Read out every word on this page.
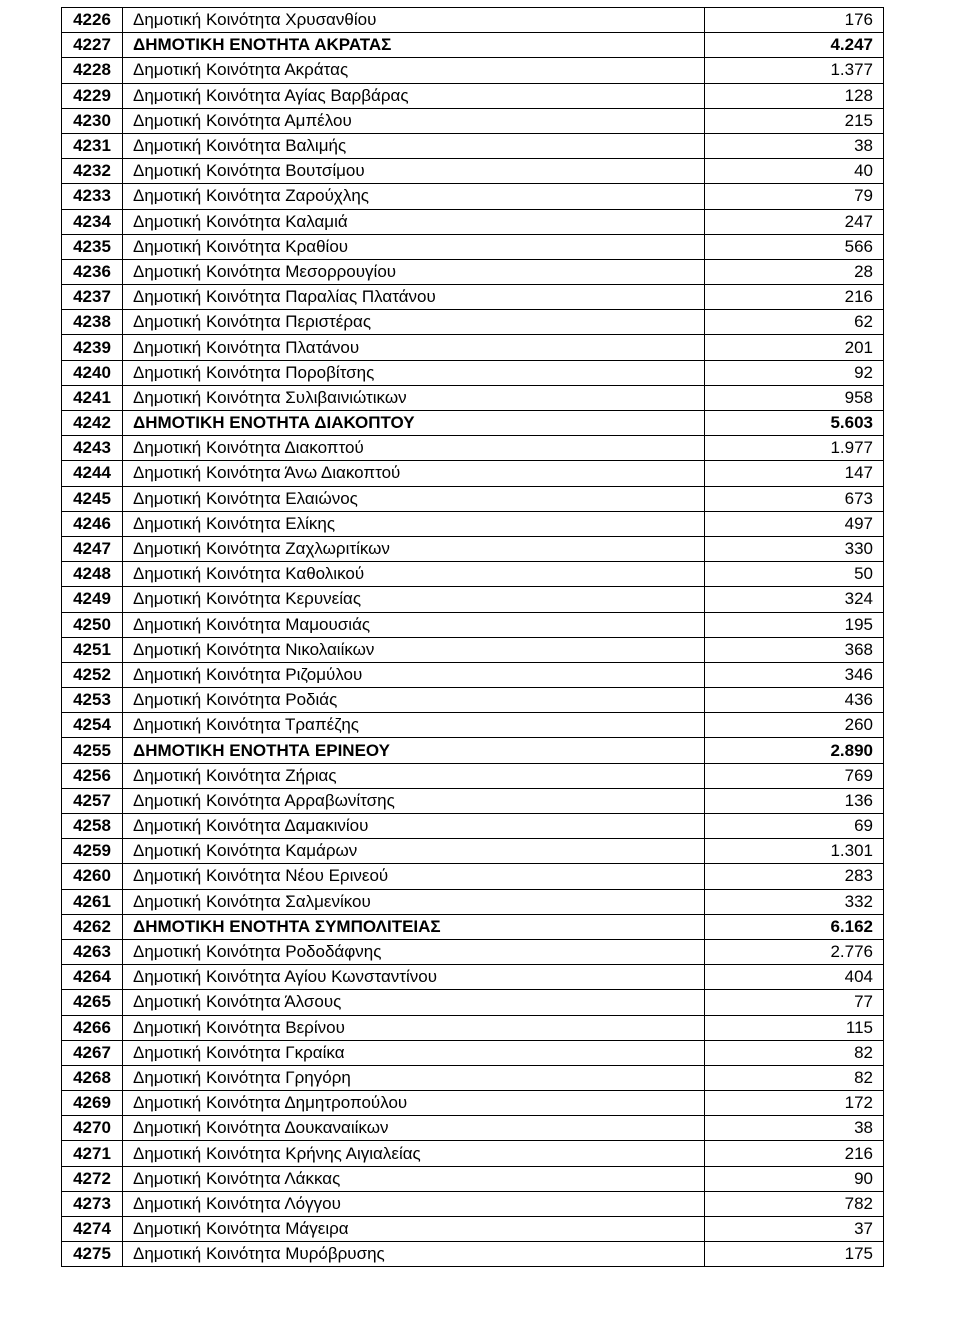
4226	Δημοτική Κοινότητα Χρυσανθίου	176
4227	ΔΗΜΟΤΙΚΗ ΕΝΟΤΗΤΑ ΑΚΡΑΤΑΣ	4.247
4228	Δημοτική Κοινότητα Ακράτας	1.377
4229	Δημοτική Κοινότητα Αγίας Βαρβάρας	128
4230	Δημοτική Κοινότητα Αμπέλου	215
4231	Δημοτική Κοινότητα Βαλιμής	38
4232	Δημοτική Κοινότητα Βουτσίμου	40
4233	Δημοτική Κοινότητα Ζαρούχλης	79
4234	Δημοτική Κοινότητα Καλαμιά	247
4235	Δημοτική Κοινότητα Κραθίου	566
4236	Δημοτική Κοινότητα Μεσορρουγίου	28
4237	Δημοτική Κοινότητα Παραλίας Πλατάνου	216
4238	Δημοτική Κοινότητα Περιστέρας	62
4239	Δημοτική Κοινότητα Πλατάνου	201
4240	Δημοτική Κοινότητα Ποροβίτσης	92
4241	Δημοτική Κοινότητα Συλιβαινιώτικων	958
4242	ΔΗΜΟΤΙΚΗ ΕΝΟΤΗΤΑ ΔΙΑΚΟΠΤΟΥ	5.603
4243	Δημοτική Κοινότητα Διακοπτού	1.977
4244	Δημοτική Κοινότητα Άνω Διακοπτού	147
4245	Δημοτική Κοινότητα Ελαιώνος	673
4246	Δημοτική Κοινότητα Ελίκης	497
4247	Δημοτική Κοινότητα Ζαχλωριτίκων	330
4248	Δημοτική Κοινότητα Καθολικού	50
4249	Δημοτική Κοινότητα Κερυνείας	324
4250	Δημοτική Κοινότητα Μαμουσιάς	195
4251	Δημοτική Κοινότητα Νικολαιίκων	368
4252	Δημοτική Κοινότητα Ριζομύλου	346
4253	Δημοτική Κοινότητα Ροδιάς	436
4254	Δημοτική Κοινότητα Τραπέζης	260
4255	ΔΗΜΟΤΙΚΗ ΕΝΟΤΗΤΑ ΕΡΙΝΕΟΥ	2.890
4256	Δημοτική Κοινότητα Ζήριας	769
4257	Δημοτική Κοινότητα Αρραβωνίτσης	136
4258	Δημοτική Κοινότητα Δαμακινίου	69
4259	Δημοτική Κοινότητα Καμάρων	1.301
4260	Δημοτική Κοινότητα Νέου Ερινεού	283
4261	Δημοτική Κοινότητα Σαλμενίκου	332
4262	ΔΗΜΟΤΙΚΗ ΕΝΟΤΗΤΑ ΣΥΜΠΟΛΙΤΕΙΑΣ	6.162
4263	Δημοτική Κοινότητα Ροδοδάφνης	2.776
4264	Δημοτική Κοινότητα Αγίου Κωνσταντίνου	404
4265	Δημοτική Κοινότητα Άλσους	77
4266	Δημοτική Κοινότητα Βερίνου	115
4267	Δημοτική Κοινότητα Γκραίκα	82
4268	Δημοτική Κοινότητα Γρηγόρη	82
4269	Δημοτική Κοινότητα Δημητροπούλου	172
4270	Δημοτική Κοινότητα Δουκαναιίκων	38
4271	Δημοτική Κοινότητα Κρήνης Αιγιαλείας	216
4272	Δημοτική Κοινότητα Λάκκας	90
4273	Δημοτική Κοινότητα Λόγγου	782
4274	Δημοτική Κοινότητα Μάγειρα	37
4275	Δημοτική Κοινότητα Μυρόβρυσης	175
